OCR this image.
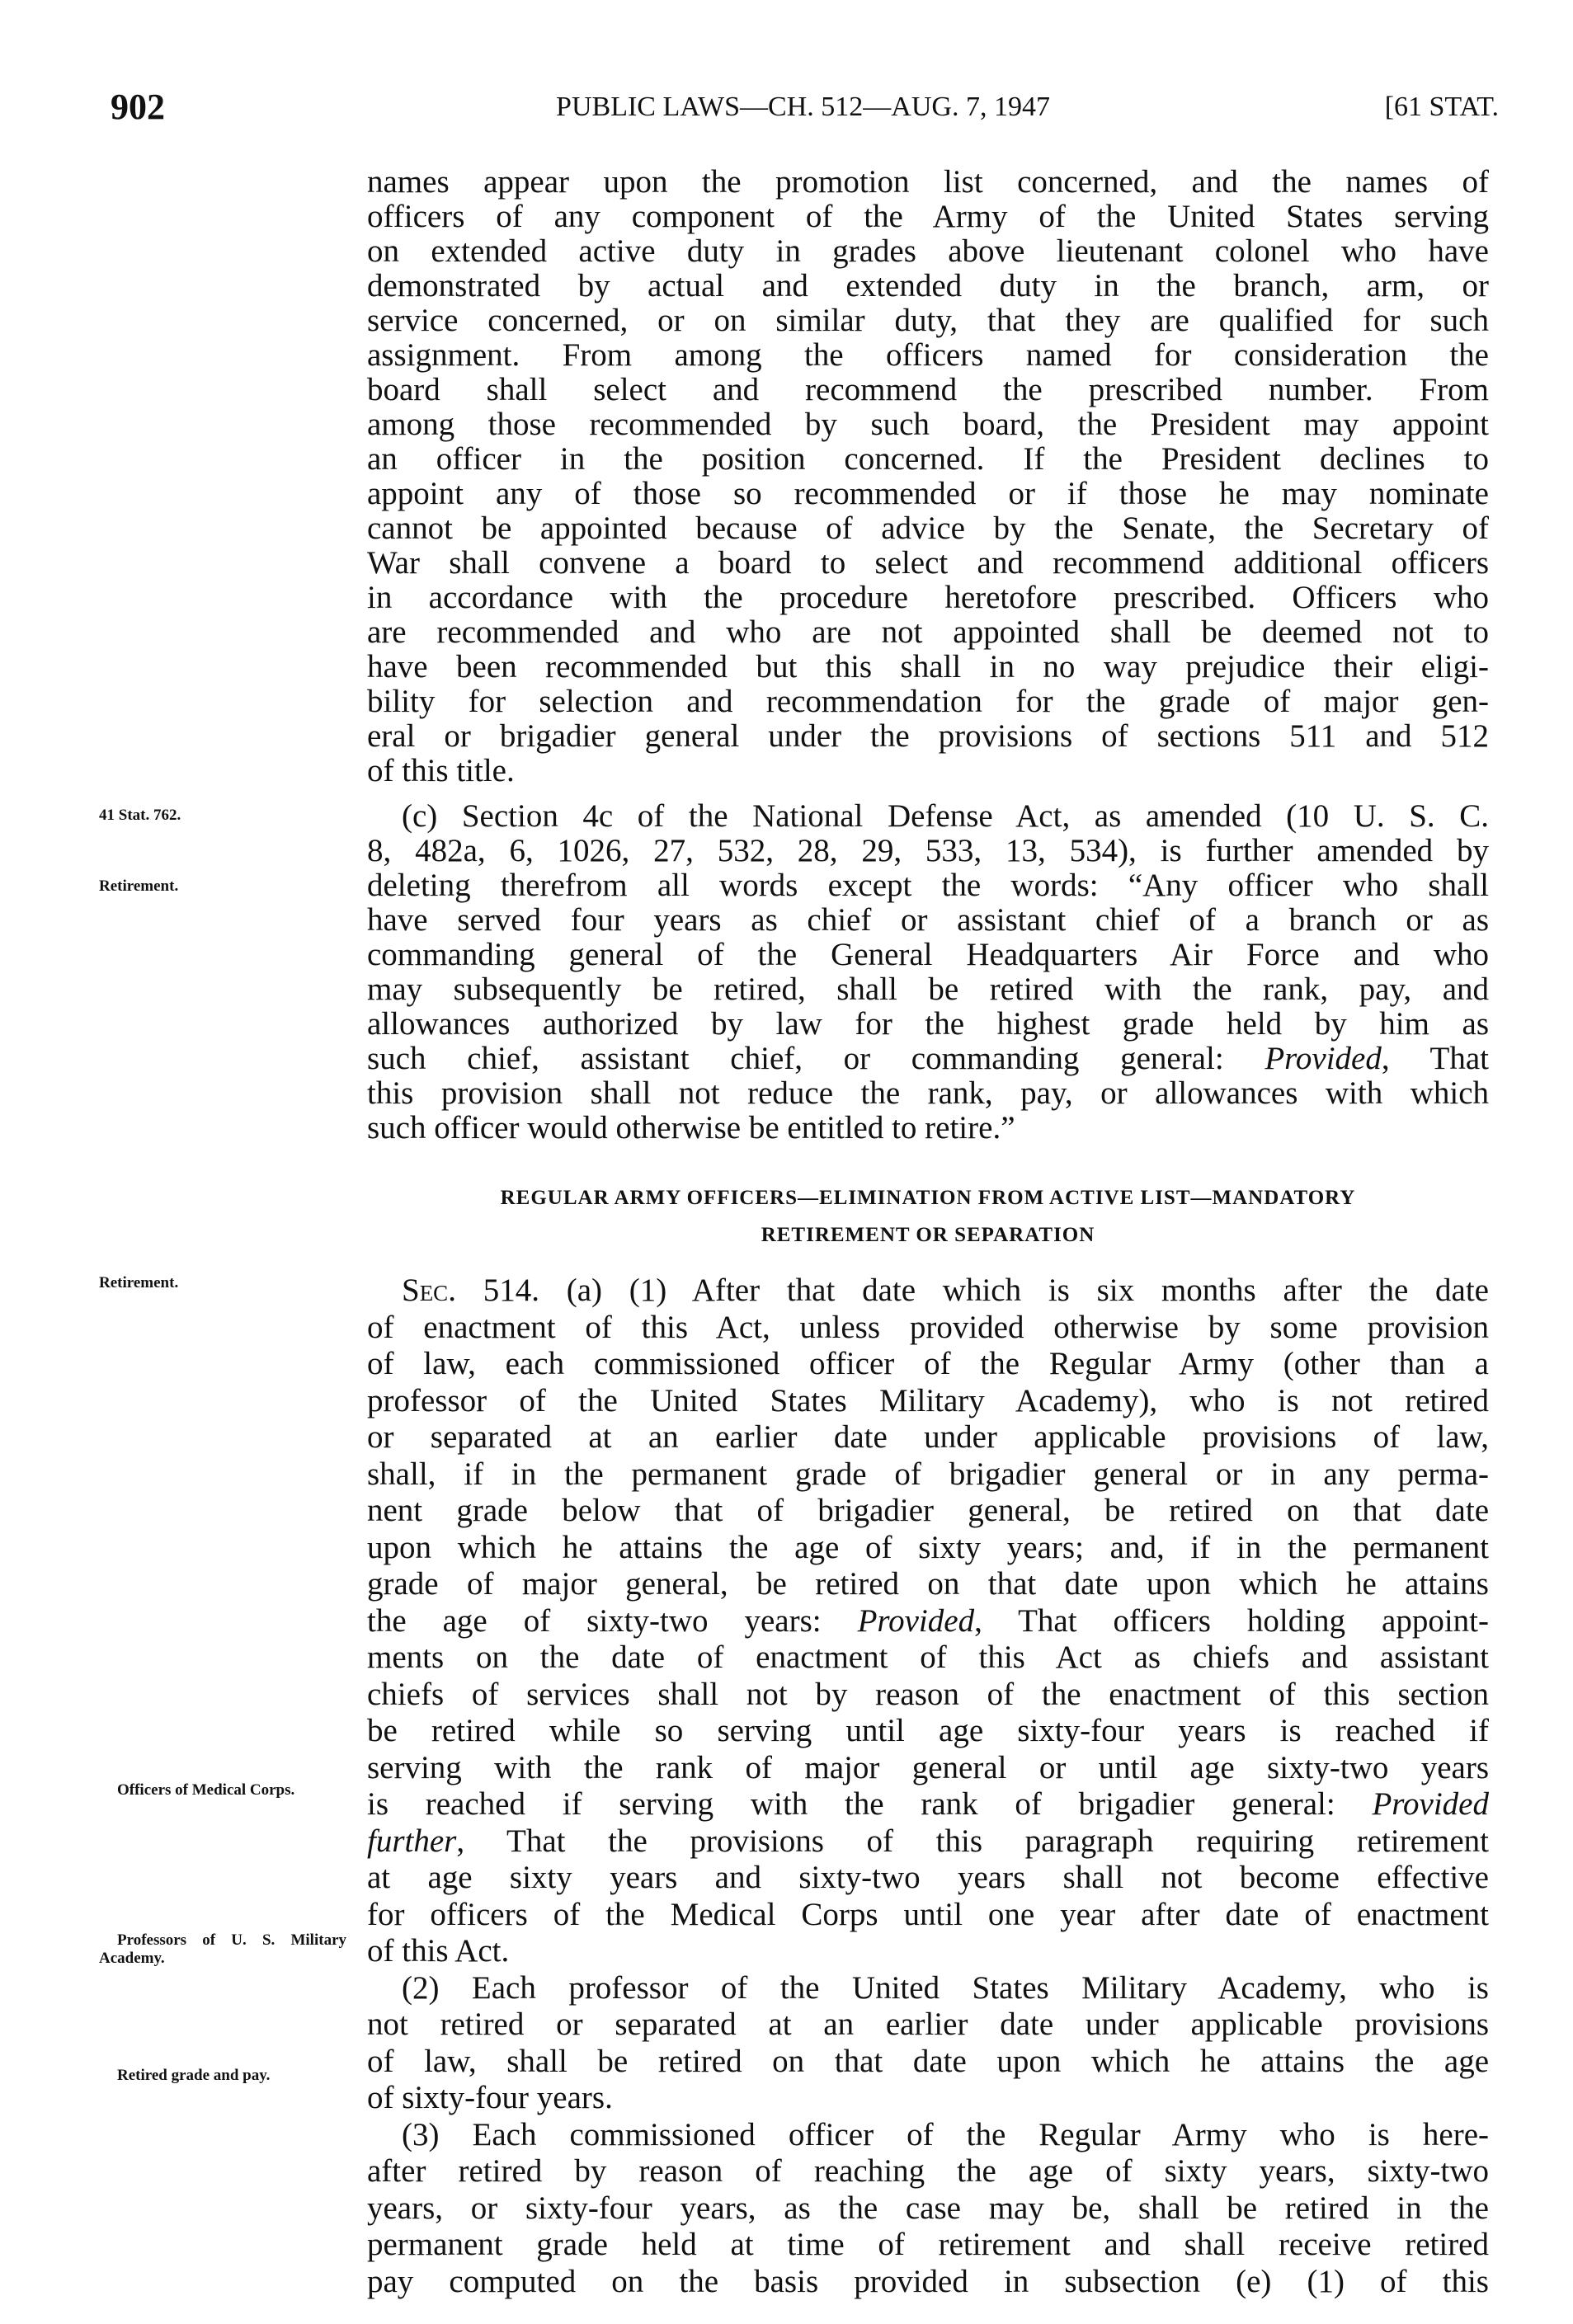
902	PUBLIC LAWS—CH. 512—AUG. 7, 1947	[61 STAT.
names appear upon the promotion list concerned, and the names of
officers of any component of the Army of the United States serving
on extended active duty in grades above lieutenant colonel who have
demonstrated by actual and extended duty in the branch, arm, or
service concerned, or on similar duty, that they are qualified for such
assignment. From among the officers named for consideration the
board shall select and recommend the prescribed number. From
among those recommended by such board, the President may appoint
an officer in the position concerned. If the President declines to
appoint any of those so recommended or if those he may nominate
cannot be appointed because of advice by the Senate, the Secretary of
War shall convene a board to select and recommend additional officers
in accordance with the procedure heretofore prescribed. Officers who
are recommended and who are not appointed shall be deemed not to
have been recommended but this shall in no way prejudice their eligi-
bility for selection and recommendation for the grade of major gen-
eral or brigadier general under the provisions of sections 511 and 512
of this title.
(c) Section 4c of the National Defense Act, as amended (10 U. S. C.
8, 482a, 6, 1026, 27, 532, 28, 29, 533, 13, 534), is further amended by
deleting therefrom all words except the words: “Any officer who shall
have served four years as chief or assistant chief of a branch or as
commanding general of the General Headquarters Air Force and who
may subsequently be retired, shall be retired with the rank, pay, and
allowances authorized by law for the highest grade held by him as
such chief, assistant chief, or commanding general: Provided, That
this provision shall not reduce the rank, pay, or allowances with which
such officer would otherwise be entitled to retire.”
REGULAR ARMY OFFICERS—ELIMINATION FROM ACTIVE LIST—MANDATORY
RETIREMENT OR SEPARATION
Sec. 514. (a) (1) After that date which is six months after the date
of enactment of this Act, unless provided otherwise by some provision
of law, each commissioned officer of the Regular Army (other than a
professor of the United States Military Academy), who is not retired
or separated at an earlier date under applicable provisions of law,
shall, if in the permanent grade of brigadier general or in any perma-
nent grade below that of brigadier general, be retired on that date
upon which he attains the age of sixty years; and, if in the permanent
grade of major general, be retired on that date upon which he attains
the age of sixty-two years: Provided, That officers holding appoint-
ments on the date of enactment of this Act as chiefs and assistant
chiefs of services shall not by reason of the enactment of this section
be retired while so serving until age sixty-four years is reached if
serving with the rank of major general or until age sixty-two years
is reached if serving with the rank of brigadier general: Provided
further, That the provisions of this paragraph requiring retirement
at age sixty years and sixty-two years shall not become effective
for officers of the Medical Corps until one year after date of enactment
of this Act.
(2) Each professor of the United States Military Academy, who is
not retired or separated at an earlier date under applicable provisions
of law, shall be retired on that date upon which he attains the age
of sixty-four years.
(3) Each commissioned officer of the Regular Army who is here-
after retired by reason of reaching the age of sixty years, sixty-two
years, or sixty-four years, as the case may be, shall be retired in the
permanent grade held at time of retirement and shall receive retired
pay computed on the basis provided in subsection (e) (1) of this
41 Stat. 762.
Retirement.
Retirement.
Officers of Medical Corps.
Professors of U. S. Military Academy.
Retired grade and pay.
